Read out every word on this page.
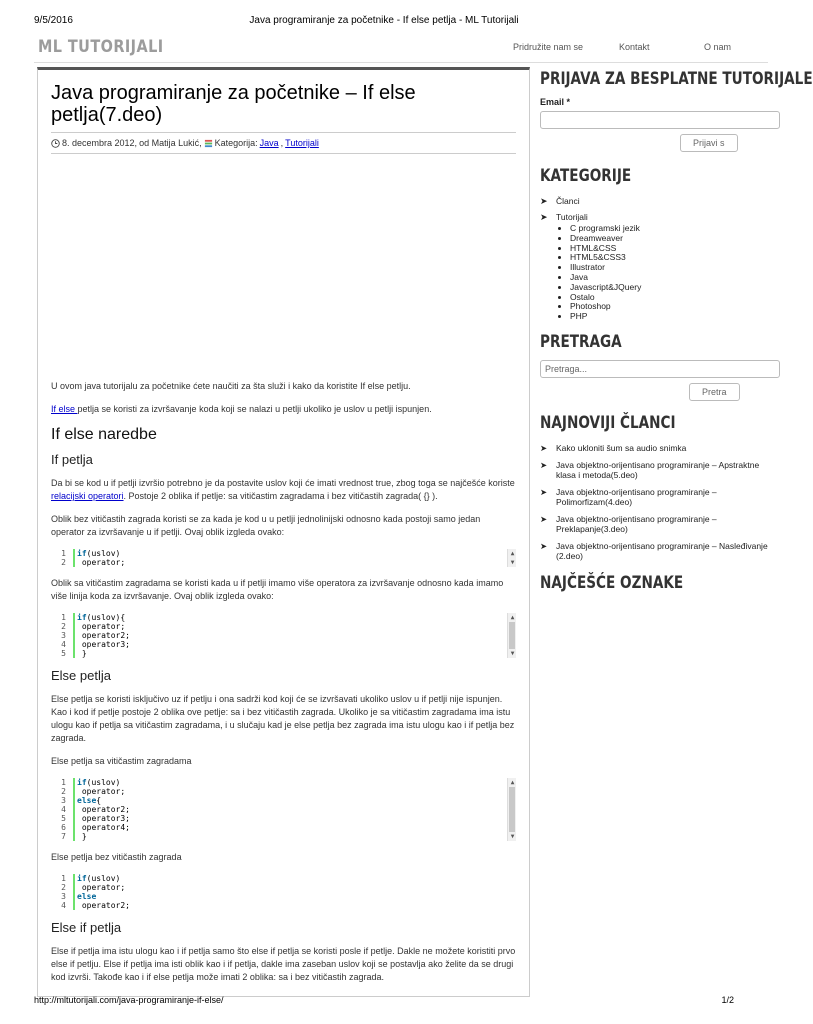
9/5/2016	Java programiranje za početnike - If else petlja - ML Tutorijali
ML TUTORIJALI	Pridružite nam se	Kontakt	O nam
Java programiranje za početnike – If else petlja(7.deo)
8. decembra 2012, od Matija Lukić, Kategorija: Java , Tutorijali

U ovom java tutorijalu za početnike ćete naučiti za šta služi i kako da koristite If else petlju.

If else petlja se koristi za izvršavanje koda koji se nalazi u petlji ukoliko je uslov u petlji ispunjen.

If else naredbe
If petlja

Da bi se kod u if petlji izvršio potrebno je da postavite uslov koji će imati vrednost true, zbog toga se najčešće koriste relacijski operatori. Postoje 2 oblika if petlje: sa vitičastim zagradama i bez vitičastih zagrada( {} ).

Oblik bez vitičastih zagrada koristi se za kada je kod u u petlji jednolinijski odnosno kada postoji samo jedan operator za izvršavanje u if petlji. Ovaj oblik izgleda ovako:

1	if(uslov)
2	operator;
▲
▼

Oblik sa vitičastim zagradama se koristi kada u if petlji imamo više operatora za izvršavanje odnosno kada imamo više linija koda za izvršavanje. Ovaj oblik izgleda ovako:

1	if(uslov){
2	operator;
3	operator2;
4	operator3;
5	}
▲
▼
Else petlja

Else petlja se koristi isključivo uz if petlju i ona sadrži kod koji će se izvršavati ukoliko uslov u if petlji nije ispunjen. Kao i kod if petlje postoje 2 oblika ove petlje: sa i bez vitičastih zagrada. Ukoliko je sa vitičastim zagradama ima istu ulogu kao if petlja sa vitičastim zagradama, i u slučaju kad je else petlja bez zagrada ima istu ulogu kao i if petlja bez zagrada.

Else petlja sa vitičastim zagradama

1	if(uslov)
2	operator;
3	else{
4	operator2;
5	operator3;
6	operator4;
7	}
▲
▼

Else petlja bez vitičastih zagrada

1	if(uslov)
2	operator;
3	else
4	operator2;
Else if petlja

Else if petlja ima istu ulogu kao i if petlja samo što else if petlja se koristi posle if petlje. Dakle ne možete koristiti prvo else if petlju. Else if petlja ima isti oblik kao i if petlja, dakle ima zaseban uslov koji se postavlja ako želite da se drugi kod izvrši. Takođe kao i if else petlja može imati 2 oblika: sa i bez vitičastih zagrada.

PRIJAVA ZA BESPLATNE TUTORIJALE
Email *
Prijavi s
KATEGORIJE
➤ Članci
➤ Tutorijali
• C programski jezik
• Dreamweaver
• HTML&CSS
• HTML5&CSS3
• Illustrator
• Java
• Javascript&JQuery
• Ostalo
• Photoshop
• PHP
PRETRAGA
Pretraga...
Pretra
NAJNOVIJI ČLANCI
➤ Kako ukloniti šum sa audio snimka
➤ Java objektno-orijentisano programiranje – Apstraktne klasa i metoda(5.deo)
➤ Java objektno-orijentisano programiranje – Polimorfizam(4.deo)
➤ Java objektno-orijentisano programiranje – Preklapanje(3.deo)
➤ Java objektno-orijentisano programiranje – Nasleđivanje (2.deo)
NAJČEŠĆE OZNAKE
http://mltutorijali.com/java-programiranje-if-else/	1/2
